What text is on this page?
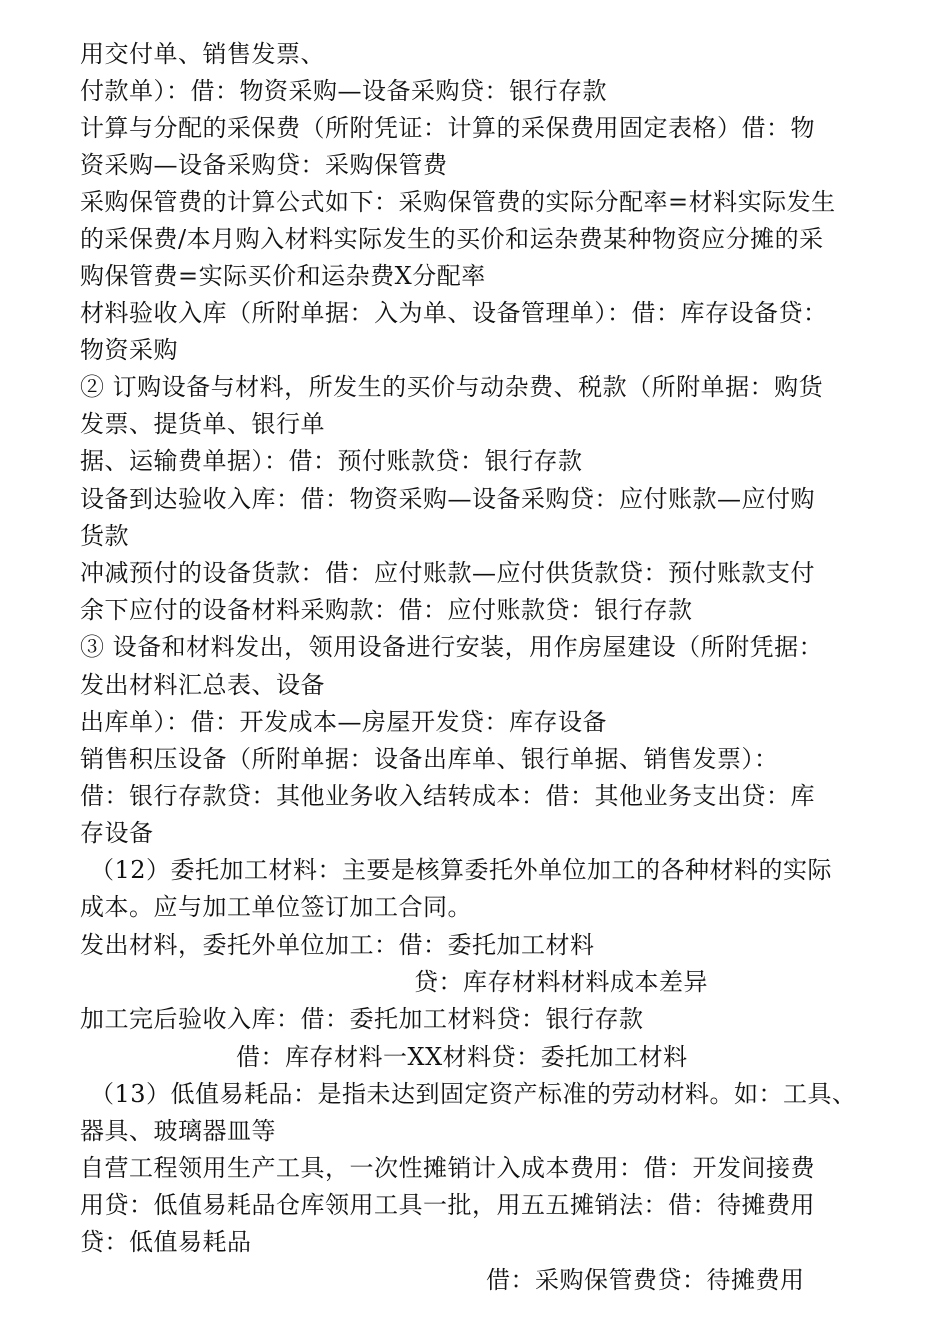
用交付单、销售发票、
付款单）：借：物资采购—设备采购贷：银行存款
计算与分配的采保费（所附凭证：计算的采保费用固定表格）借：物
资采购—设备采购贷：采购保管费
采购保管费的计算公式如下：采购保管费的实际分配率=材料实际发生
的采保费/本月购入材料实际发生的买价和运杂费某种物资应分摊的采
购保管费=实际买价和运杂费X分配率
材料验收入库（所附单据：入为单、设备管理单）：借：库存设备贷：
物资采购
② 订购设备与材料，所发生的买价与动杂费、税款（所附单据：购货
发票、提货单、银行单
据、运输费单据）：借：预付账款贷：银行存款
设备到达验收入库：借：物资采购—设备采购贷：应付账款—应付购
货款
冲减预付的设备货款：借：应付账款—应付供货款贷：预付账款支付
余下应付的设备材料采购款：借：应付账款贷：银行存款
③ 设备和材料发出，领用设备进行安装，用作房屋建设（所附凭据：
发出材料汇总表、设备
出库单）：借：开发成本—房屋开发贷：库存设备
销售积压设备（所附单据：设备出库单、银行单据、销售发票）：
借：银行存款贷：其他业务收入结转成本：借：其他业务支出贷：库
存设备
（12）委托加工材料：主要是核算委托外单位加工的各种材料的实际
成本。应与加工单位签订加工合同。
发出材料，委托外单位加工：借：委托加工材料
贷：库存材料材料成本差异
加工完后验收入库：借：委托加工材料贷：银行存款
借：库存材料一XX材料贷：委托加工材料
（13）低值易耗品：是指未达到固定资产标准的劳动材料。如：工具、
器具、玻璃器皿等
自营工程领用生产工具，一次性摊销计入成本费用：借：开发间接费
用贷：低值易耗品仓库领用工具一批，用五五摊销法：借：待摊费用
贷：低值易耗品
借：采购保管费贷：待摊费用
